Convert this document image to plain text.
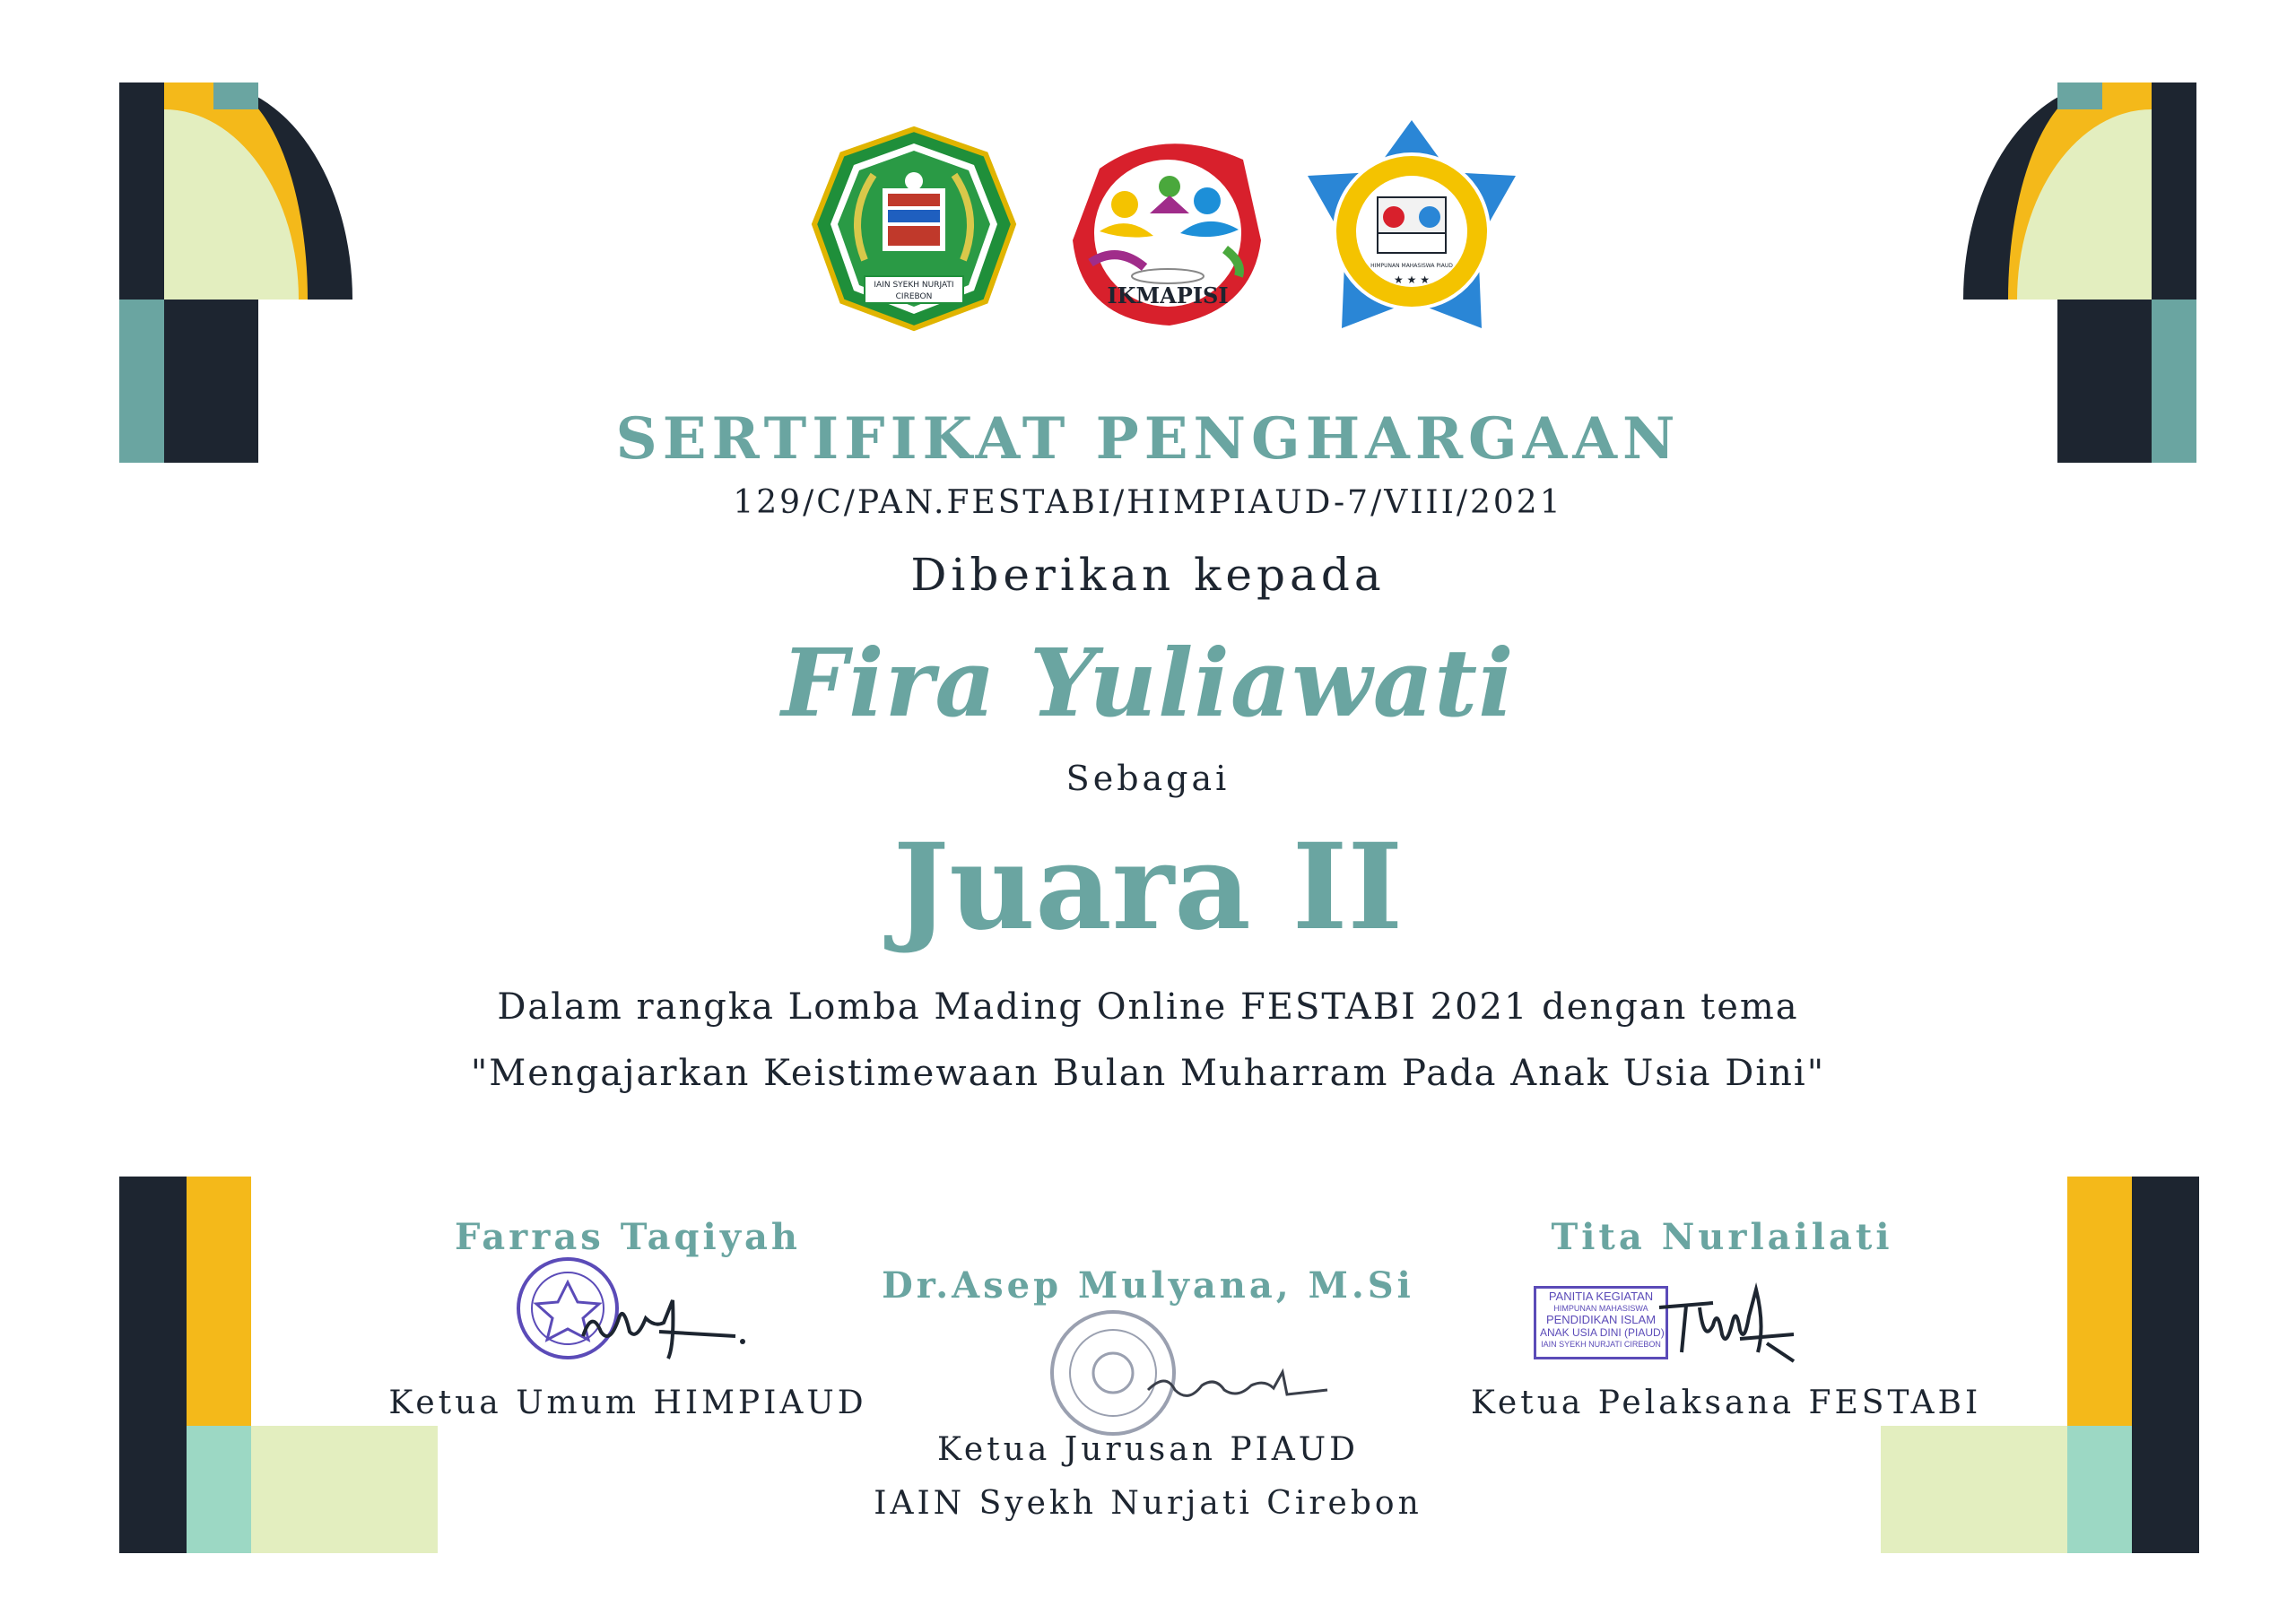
IAIN SYEKH NURJATI
CIREBON	IKMAPISI
HIMPUNAN MAHASISWA PIAUD
★ ★ ★

SERTIFIKAT PENGHARGAAN

129/C/PAN.FESTABI/HIMPIAUD-7/VIII/2021

Diberikan kepada

Fira Yuliawati

Sebagai

Juara II

Dalam rangka Lomba Mading Online FESTABI 2021 dengan tema

"Mengajarkan Keistimewaan Bulan Muharram Pada Anak Usia Dini"

Farras Taqiyah

Ketua Umum HIMPIAUD

Dr.Asep Mulyana, M.Si

Ketua Jurusan PIAUD

IAIN Syekh Nurjati Cirebon

Tita Nurlailati

PANITIA KEGIATAN
HIMPUNAN MAHASISWA
PENDIDIKAN ISLAM
ANAK USIA DINI (PIAUD)
IAIN SYEKH NURJATI CIREBON

Ketua Pelaksana FESTABI
